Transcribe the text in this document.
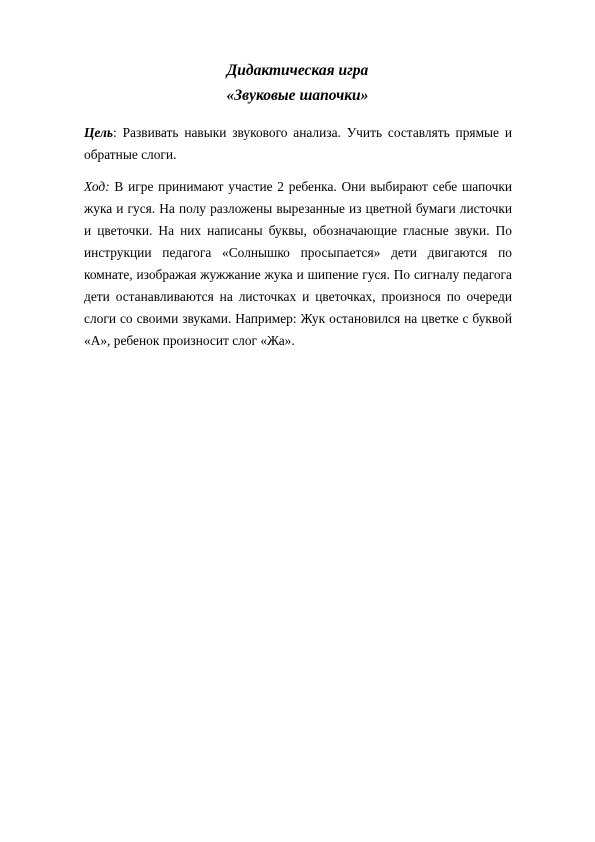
Дидактическая игра
«Звуковые шапочки»

Цель: Развивать навыки звукового анализа. Учить составлять прямые и обратные слоги.

Ход: В игре принимают участие 2 ребенка. Они выбирают себе шапочки жука и гуся. На полу разложены вырезанные из цветной бумаги листочки и цветочки. На них написаны буквы, обозначающие гласные звуки. По инструкции педагога «Солнышко просыпается» дети двигаются по комнате, изображая жужжание жука и шипение гуся. По сигналу педагога дети останавливаются на листочках и цветочках, произнося по очереди слоги со своими звуками. Например: Жук остановился на цветке с буквой «А», ребенок произносит слог «Жа».
